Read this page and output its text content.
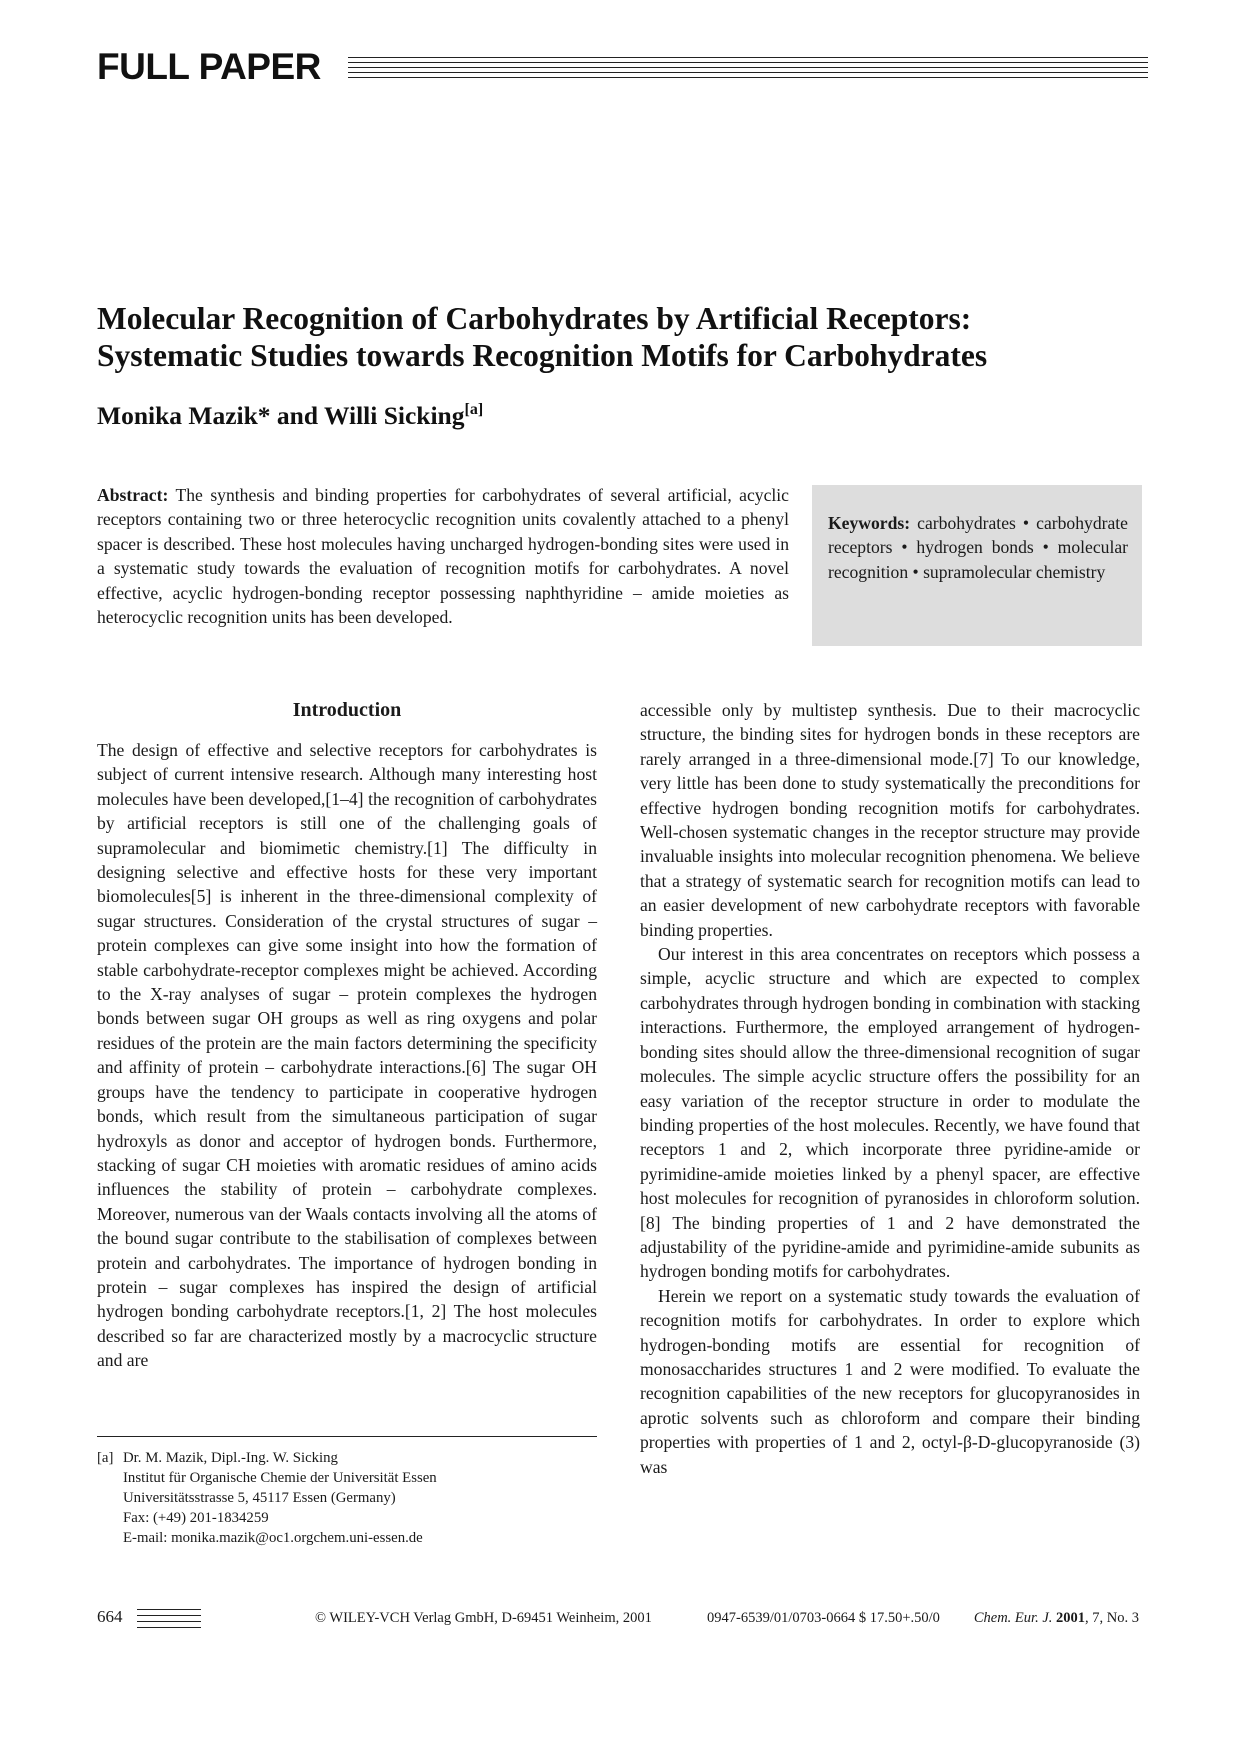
FULL PAPER
Molecular Recognition of Carbohydrates by Artificial Receptors:
Systematic Studies towards Recognition Motifs for Carbohydrates

Monika Mazik* and Willi Sicking[a]

Abstract: The synthesis and binding properties for carbohydrates of several artificial, acyclic receptors containing two or three heterocyclic recognition units covalently attached to a phenyl spacer is described. These host molecules having uncharged hydrogen-bonding sites were used in a systematic study towards the evaluation of recognition motifs for carbohydrates. A novel effective, acyclic hydrogen-bonding receptor possessing naphthyridine – amide moieties as heterocyclic recognition units has been developed.

Keywords: carbohydrates • carbohydrate receptors • hydrogen bonds • molecular recognition • supramolecular chemistry
Introduction

The design of effective and selective receptors for carbohydrates is subject of current intensive research. Although many interesting host molecules have been developed,[1–4] the recognition of carbohydrates by artificial receptors is still one of the challenging goals of supramolecular and biomimetic chemistry.[1] The difficulty in designing selective and effective hosts for these very important biomolecules[5] is inherent in the three-dimensional complexity of sugar structures. Consideration of the crystal structures of sugar – protein complexes can give some insight into how the formation of stable carbohydrate-receptor complexes might be achieved. According to the X-ray analyses of sugar – protein complexes the hydrogen bonds between sugar OH groups as well as ring oxygens and polar residues of the protein are the main factors determining the specificity and affinity of protein – carbohydrate interactions.[6] The sugar OH groups have the tendency to participate in cooperative hydrogen bonds, which result from the simultaneous participation of sugar hydroxyls as donor and acceptor of hydrogen bonds. Furthermore, stacking of sugar CH moieties with aromatic residues of amino acids influences the stability of protein – carbohydrate complexes. Moreover, numerous van der Waals contacts involving all the atoms of the bound sugar contribute to the stabilisation of complexes between protein and carbohydrates. The importance of hydrogen bonding in protein – sugar complexes has inspired the design of artificial hydrogen bonding carbohydrate receptors.[1, 2] The host molecules described so far are characterized mostly by a macrocyclic structure and are

accessible only by multistep synthesis. Due to their macrocyclic structure, the binding sites for hydrogen bonds in these receptors are rarely arranged in a three-dimensional mode.[7] To our knowledge, very little has been done to study systematically the preconditions for effective hydrogen bonding recognition motifs for carbohydrates. Well-chosen systematic changes in the receptor structure may provide invaluable insights into molecular recognition phenomena. We believe that a strategy of systematic search for recognition motifs can lead to an easier development of new carbohydrate receptors with favorable binding properties.

Our interest in this area concentrates on receptors which possess a simple, acyclic structure and which are expected to complex carbohydrates through hydrogen bonding in combination with stacking interactions. Furthermore, the employed arrangement of hydrogen-bonding sites should allow the three-dimensional recognition of sugar molecules. The simple acyclic structure offers the possibility for an easy variation of the receptor structure in order to modulate the binding properties of the host molecules. Recently, we have found that receptors 1 and 2, which incorporate three pyridine-amide or pyrimidine-amide moieties linked by a phenyl spacer, are effective host molecules for recognition of pyranosides in chloroform solution.[8] The binding properties of 1 and 2 have demonstrated the adjustability of the pyridine-amide and pyrimidine-amide subunits as hydrogen bonding motifs for carbohydrates.

Herein we report on a systematic study towards the evaluation of recognition motifs for carbohydrates. In order to explore which hydrogen-bonding motifs are essential for recognition of monosaccharides structures 1 and 2 were modified. To evaluate the recognition capabilities of the new receptors for glucopyranosides in aprotic solvents such as chloroform and compare their binding properties with properties of 1 and 2, octyl-β-D-glucopyranoside (3) was

[a] Dr. M. Mazik, Dipl.-Ing. W. Sicking
Institut für Organische Chemie der Universität Essen
Universitätsstrasse 5, 45117 Essen (Germany)
Fax: (+49) 201-1834259
E-mail: monika.mazik@oc1.orgchem.uni-essen.de
664	© WILEY-VCH Verlag GmbH, D-69451 Weinheim, 2001	0947-6539/01/0703-0664 $ 17.50+.50/0 Chem. Eur. J. 2001, 7, No. 3
